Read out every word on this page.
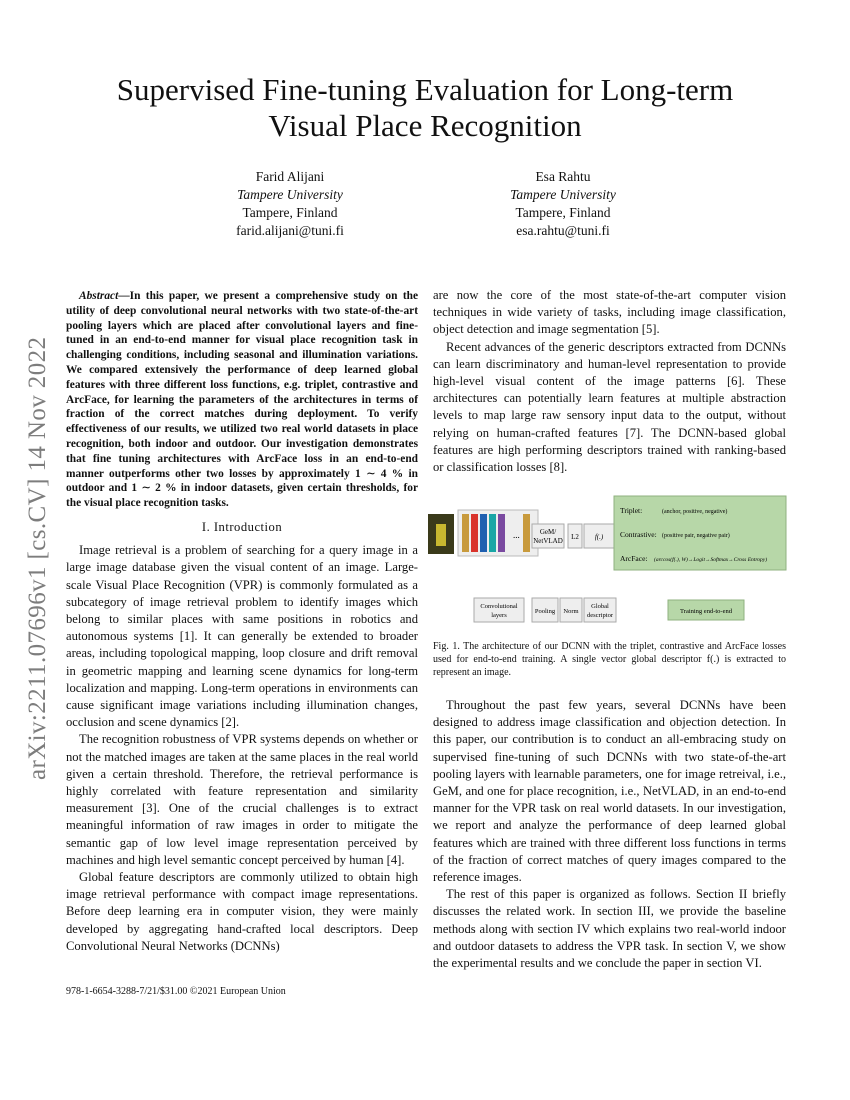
arXiv:2211.07696v1 [cs.CV] 14 Nov 2022
Supervised Fine-tuning Evaluation for Long-term
Visual Place Recognition
Farid Alijani
Tampere University
Tampere, Finland
farid.alijani@tuni.fi
Esa Rahtu
Tampere University
Tampere, Finland
esa.rahtu@tuni.fi
Abstract—In this paper, we present a comprehensive study on the utility of deep convolutional neural networks with two state-of-the-art pooling layers which are placed after convolutional layers and fine-tuned in an end-to-end manner for visual place recognition task in challenging conditions, including seasonal and illumination variations. We compared extensively the performance of deep learned global features with three different loss functions, e.g. triplet, contrastive and ArcFace, for learning the parameters of the architectures in terms of fraction of the correct matches during deployment. To verify effectiveness of our results, we utilized two real world datasets in place recognition, both indoor and outdoor. Our investigation demonstrates that fine tuning architectures with ArcFace loss in an end-to-end manner outperforms other two losses by approximately 1 ∼ 4 % in outdoor and 1 ∼ 2 % in indoor datasets, given certain thresholds, for the visual place recognition tasks.
I. Introduction

Image retrieval is a problem of searching for a query image in a large image database given the visual content of an image. Large-scale Visual Place Recognition (VPR) is commonly formulated as a subcategory of image retrieval problem to identify images which belong to similar places with same positions in robotics and autonomous systems [1]. It can generally be extended to broader areas, including topological mapping, loop closure and drift removal in geometric mapping and learning scene dynamics for long-term localization and mapping. Long-term operations in environments can cause significant image variations including illumination changes, occlusion and scene dynamics [2].

The recognition robustness of VPR systems depends on whether or not the matched images are taken at the same places in the real world given a certain threshold. Therefore, the retrieval performance is highly correlated with feature representation and similarity measurement [3]. One of the crucial challenges is to extract meaningful information of raw images in order to mitigate the semantic gap of low level image representation perceived by machines and high level semantic concept perceived by human [4].

Global feature descriptors are commonly utilized to obtain high image retrieval performance with compact image representations. Before deep learning era in computer vision, they were mainly developed by aggregating hand-crafted local descriptors. Deep Convolutional Neural Networks (DCNNs)

are now the core of the most state-of-the-art computer vision techniques in wide variety of tasks, including image classification, object detection and image segmentation [5].

Recent advances of the generic descriptors extracted from DCNNs can learn discriminatory and human-level representation to provide high-level visual content of the image patterns [6]. These architectures can potentially learn features at multiple abstraction levels to map large raw sensory input data to the output, without relying on human-crafted features [7]. The DCNN-based global features are high performing descriptors trained with ranking-based or classification losses [8].

...	GeM/
NetVLAD L2 f(.)
Triplet:	(anchor, positive, negative)
Contrastive: (positive pair, negative pair)
ArcFace: (arccos(f(.), W)→Logit→Softmax→Cross Entropy)
Convolutional
layers
Pooling Norm
Global
descriptor
Training end-to-end
Fig. 1. The architecture of our DCNN with the triplet, contrastive and ArcFace losses used for end-to-end training. A single vector global descriptor f(.) is extracted to represent an image.

Throughout the past few years, several DCNNs have been designed to address image classification and objection detection. In this paper, our contribution is to conduct an all-embracing study on supervised fine-tuning of such DCNNs with two state-of-the-art pooling layers with learnable parameters, one for image retreival, i.e., GeM, and one for place recognition, i.e., NetVLAD, in an end-to-end manner for the VPR task on real world datasets. In our investigation, we report and analyze the performance of deep learned global features which are trained with three different loss functions in terms of the fraction of correct matches of query images compared to the reference images.

The rest of this paper is organized as follows. Section II briefly discusses the related work. In section III, we provide the baseline methods along with section IV which explains two real-world indoor and outdoor datasets to address the VPR task. In section V, we show the experimental results and we conclude the paper in section VI.

978-1-6654-3288-7/21/$31.00 ©2021 European Union
